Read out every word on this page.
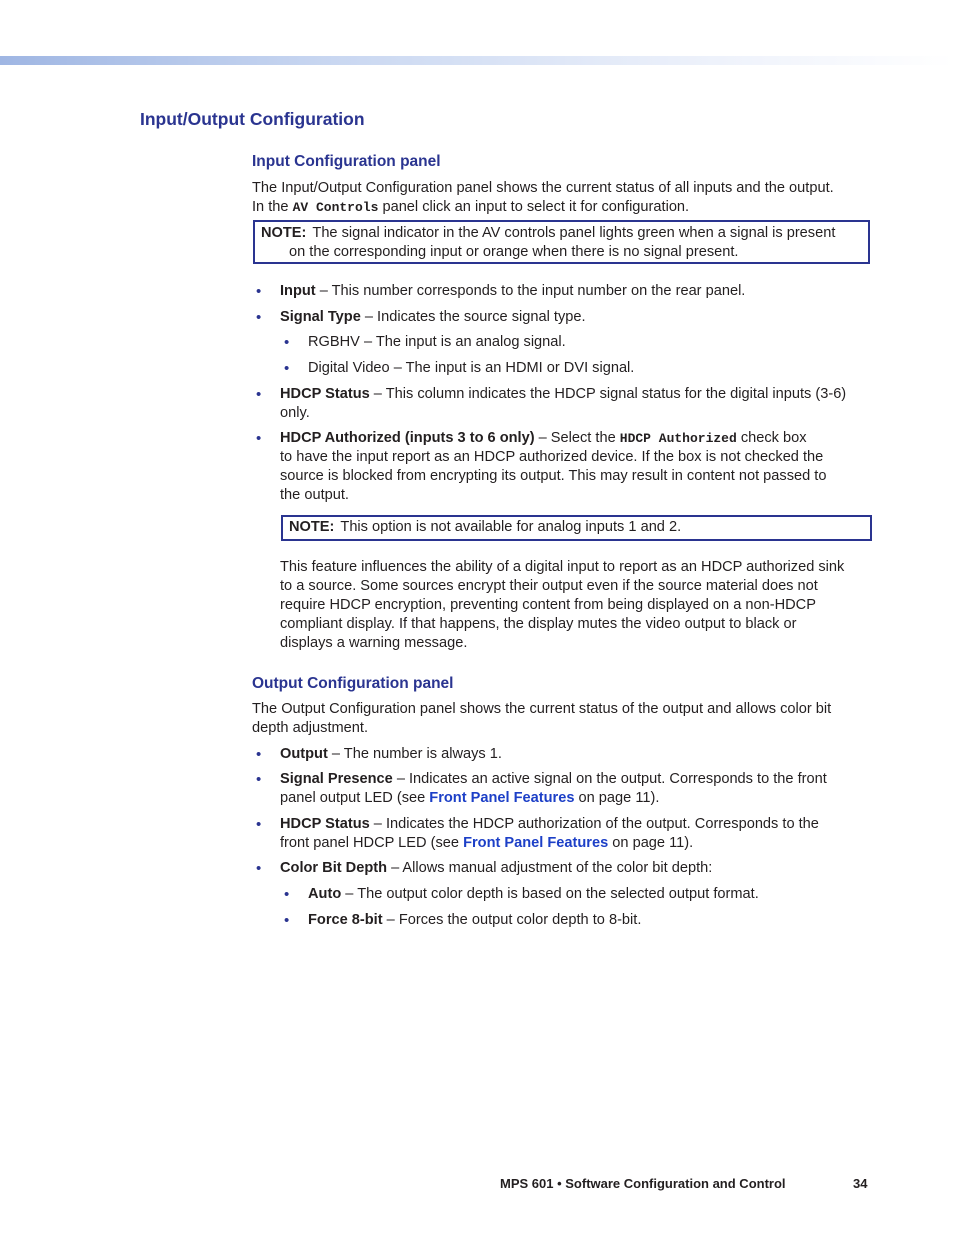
Input/Output Configuration
Input Configuration panel

The Input/Output Configuration panel shows the current status of all inputs and the output.
In the AV Controls panel click an input to select it for configuration.

NOTE: The signal indicator in the AV controls panel lights green when a signal is present
on the corresponding input or orange when there is no signal present.
• Input – This number corresponds to the input number on the rear panel.

• Signal Type – Indicates the source signal type.

• RGBHV – The input is an analog signal.

• Digital Video – The input is an HDMI or DVI signal.

• HDCP Status – This column indicates the HDCP signal status for the digital inputs (3-6)
only.

• HDCP Authorized (inputs 3 to 6 only) – Select the HDCP Authorized check box
to have the input report as an HDCP authorized device. If the box is not checked the
source is blocked from encrypting its output. This may result in content not passed to
the output.

NOTE: This option is not available for analog inputs 1 and 2.

This feature influences the ability of a digital input to report as an HDCP authorized sink
to a source. Some sources encrypt their output even if the source material does not
require HDCP encryption, preventing content from being displayed on a non-HDCP
compliant display. If that happens, the display mutes the video output to black or
displays a warning message.

Output Configuration panel

The Output Configuration panel shows the current status of the output and allows color bit
depth adjustment.

• Output – The number is always 1.

• Signal Presence – Indicates an active signal on the output. Corresponds to the front
panel output LED (see Front Panel Features on page 11).

• HDCP Status – Indicates the HDCP authorization of the output. Corresponds to the
front panel HDCP LED (see Front Panel Features on page 11).

• Color Bit Depth – Allows manual adjustment of the color bit depth:

• Auto – The output color depth is based on the selected output format.

• Force 8-bit – Forces the output color depth to 8-bit.

MPS 601 • Software Configuration and Control	34
